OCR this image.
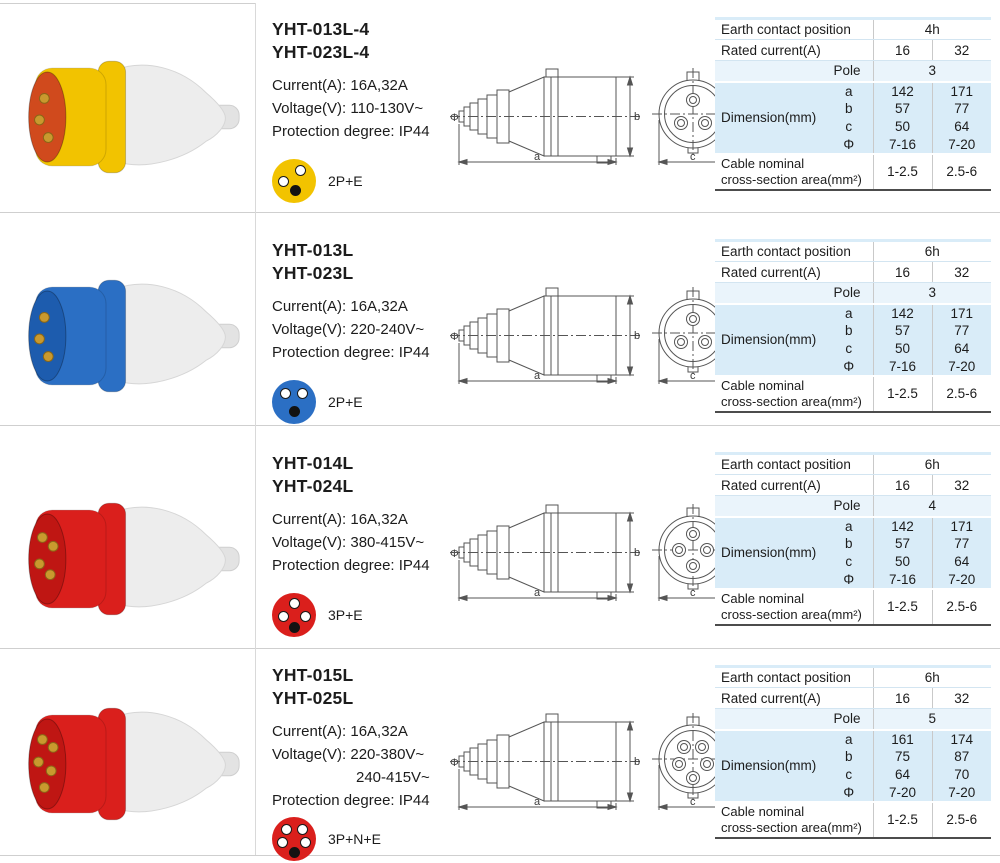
YHT-013L-4
YHT-023L-4
Current(A): 16A,32A
Voltage(V): 110-130V~
Protection degree: IP44
2P+E
Φ
a
b
c
Earth contact position		4h	
Rated current(A)		16	32
Pole		3	
Dimension(mm)	a	142	171
	b	57	77
	c	50	64
	Φ	7-16	7-20

Cable nominal
cross-section area(mm²)		1-2.5	2.5-6
YHT-013L
YHT-023L
Current(A): 16A,32A
Voltage(V): 220-240V~
Protection degree: IP44
2P+E
Φ
a
b
c
Earth contact position		6h	
Rated current(A)		16	32
Pole		3	
Dimension(mm)	a	142	171
	b	57	77
	c	50	64
	Φ	7-16	7-20

Cable nominal
cross-section area(mm²)		1-2.5	2.5-6
YHT-014L
YHT-024L
Current(A): 16A,32A
Voltage(V): 380-415V~
Protection degree: IP44
3P+E
Φ
a
b
c
Earth contact position		6h	
Rated current(A)		16	32
Pole		4	
Dimension(mm)	a	142	171
	b	57	77
	c	50	64
	Φ	7-16	7-20

Cable nominal
cross-section area(mm²)		1-2.5	2.5-6
YHT-015L
YHT-025L
Current(A): 16A,32A
Voltage(V): 220-380V~
240-415V~
Protection degree: IP44
3P+N+E
Φ
a
b
c
Earth contact position		6h	
Rated current(A)		16	32
Pole		5	
Dimension(mm)	a	161	174
	b	75	87
	c	64	70
	Φ	7-20	7-20

Cable nominal
cross-section area(mm²)		1-2.5	2.5-6
